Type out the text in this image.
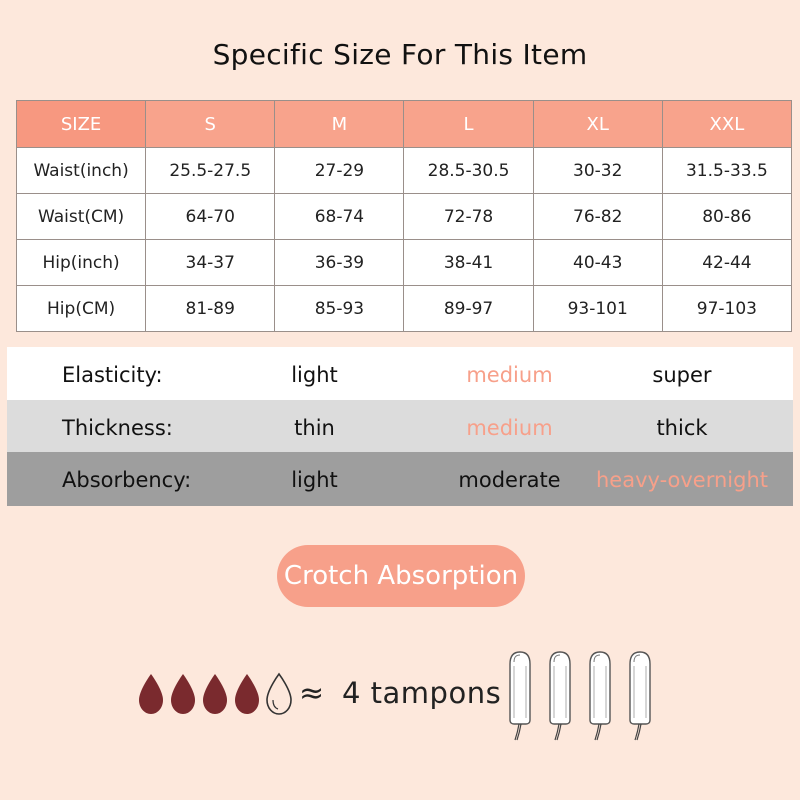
Specific Size For This Item
SIZE	S	M	L	XL	XXL
Waist(inch)	25.5-27.5	27-29	28.5-30.5	30-32	31.5-33.5
Waist(CM)	64-70	68-74	72-78	76-82	80-86
Hip(inch)	34-37	36-39	38-41	40-43	42-44
Hip(CM)	81-89	85-93	89-97	93-101	97-103
Elasticity:	light	medium	super
Thickness:	thin	medium	thick
Absorbency:	light	moderate	heavy-overnight
Crotch Absorption
≈ 4 tampons
